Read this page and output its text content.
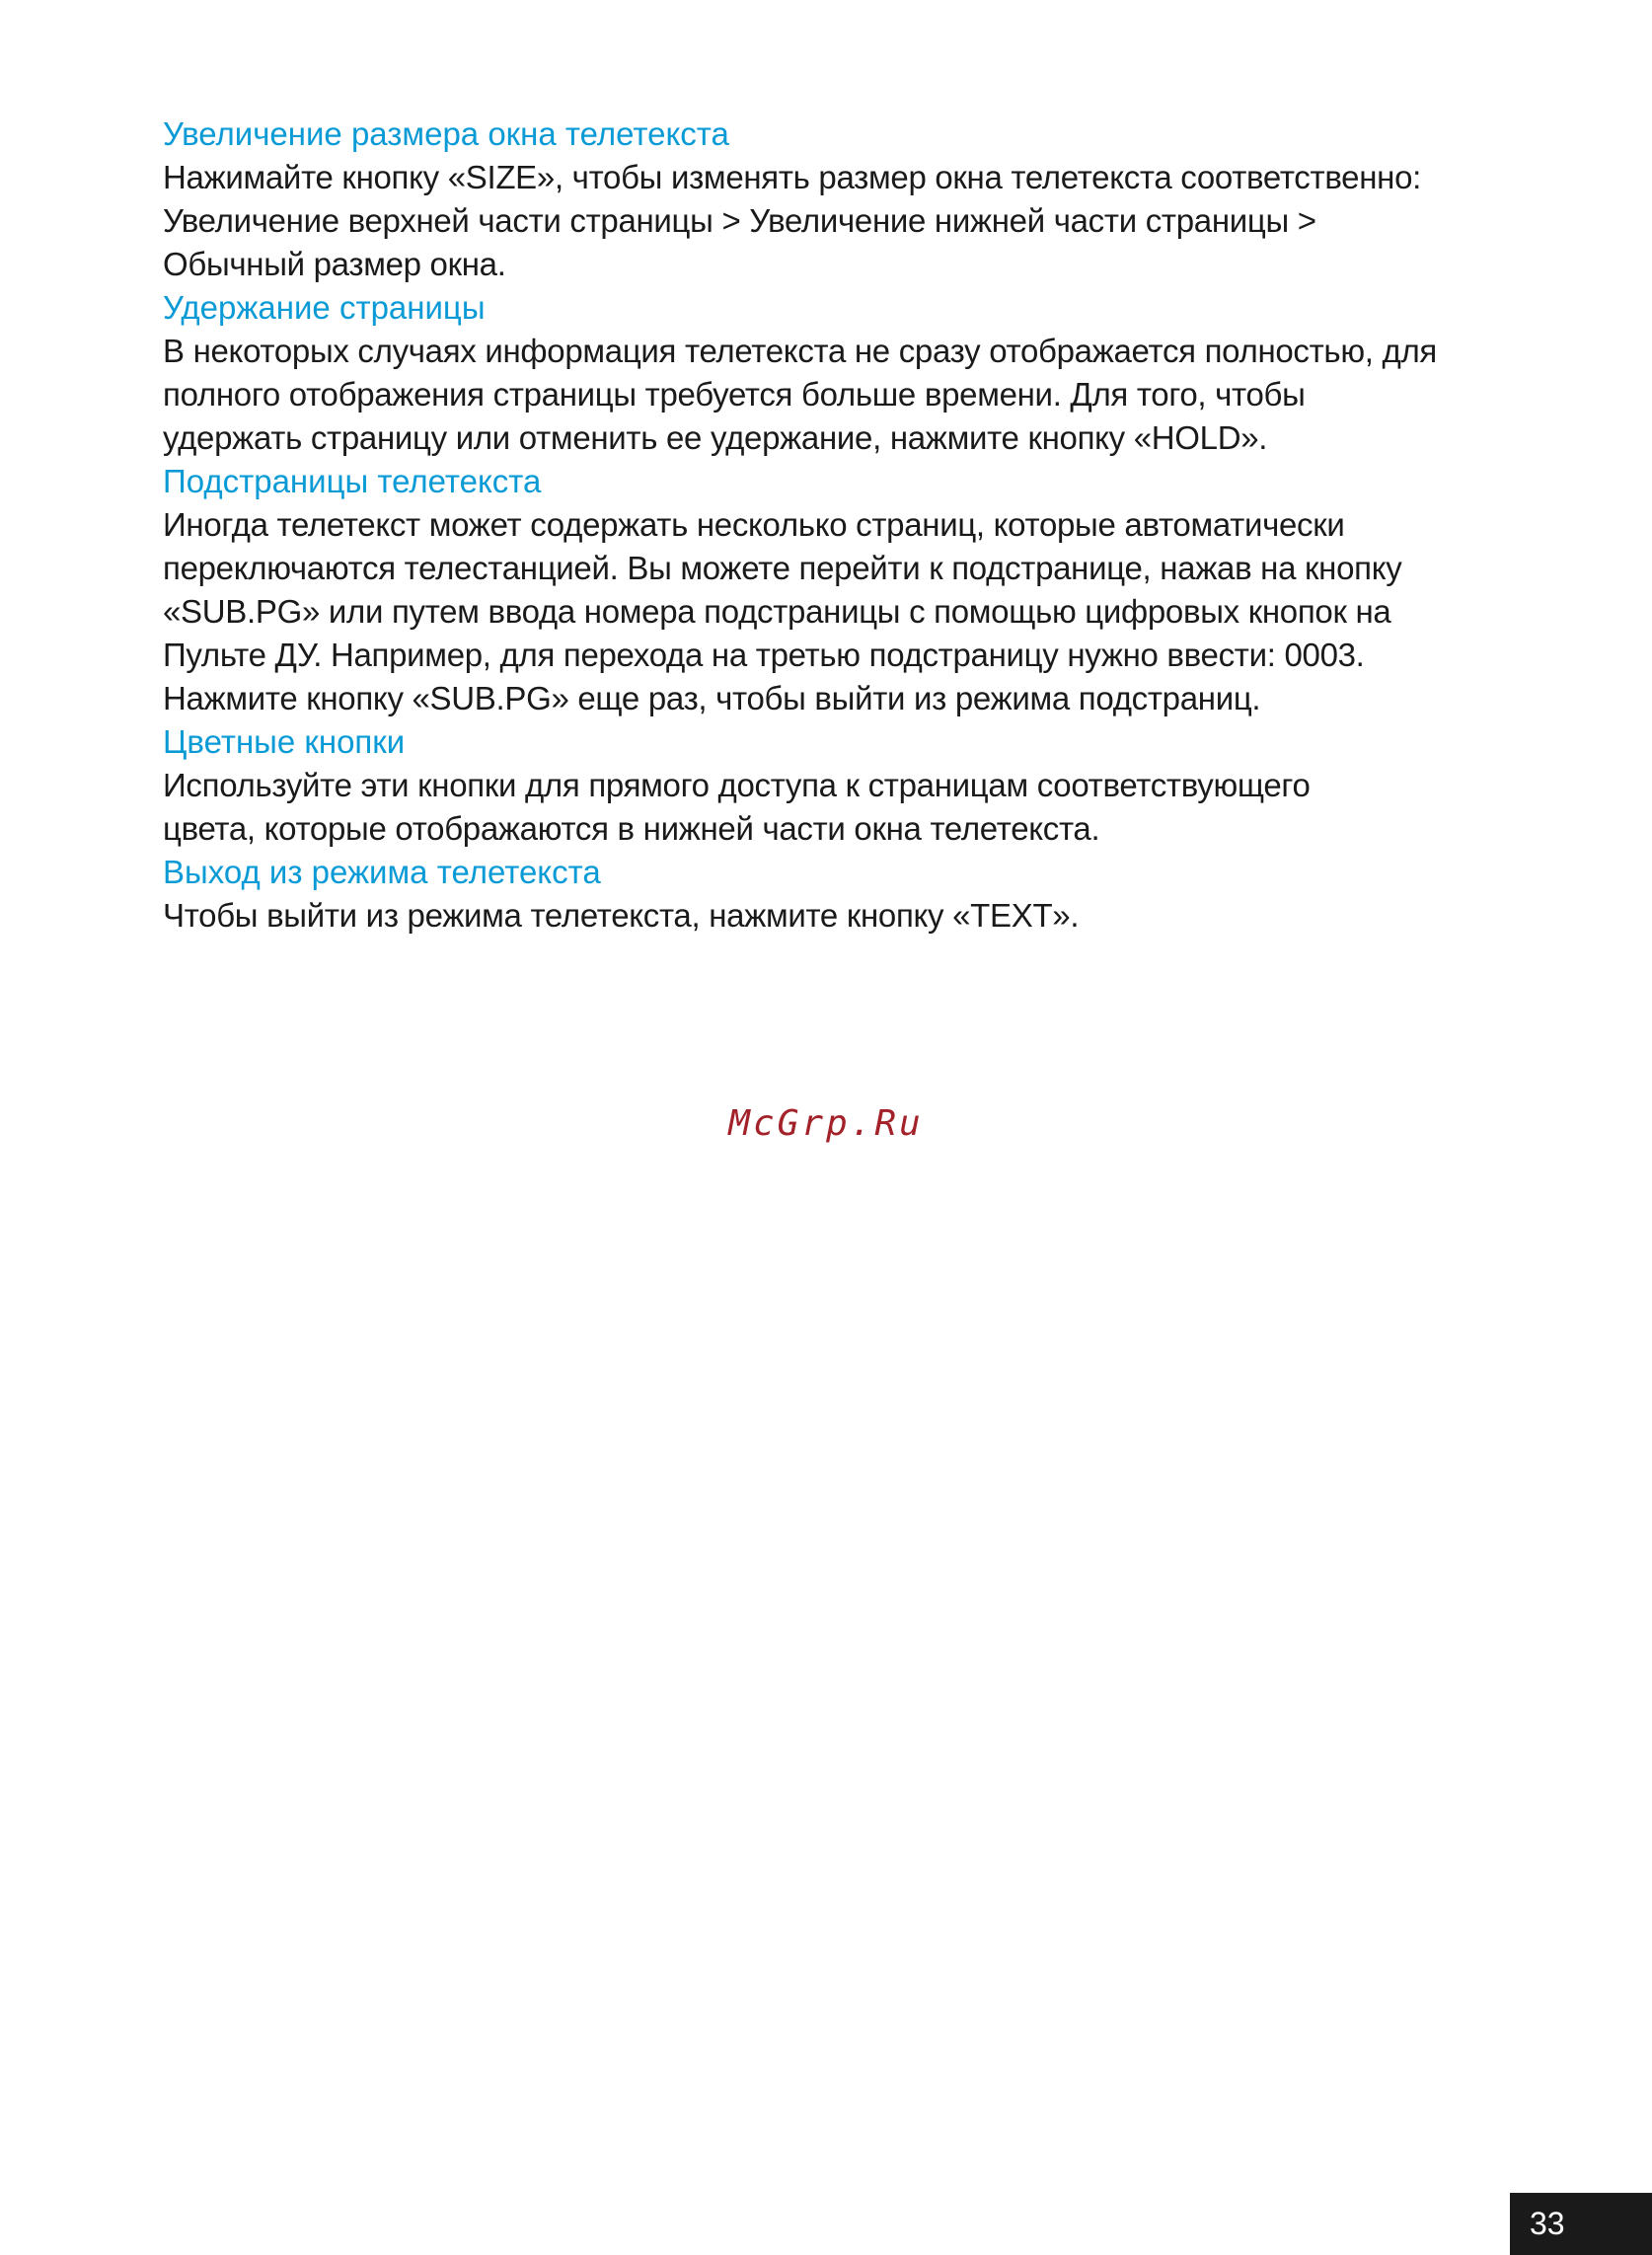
Увеличение размера окна телетекста

Нажимайте кнопку «SIZE», чтобы изменять размер окна телетекста соответственно:
Увеличение верхней части страницы > Увеличение нижней части страницы >
Обычный размер окна.

Удержание страницы

В некоторых случаях информация телетекста не сразу отображается полностью, для
полного отображения страницы требуется больше времени. Для того, чтобы
удержать страницу или отменить ее удержание, нажмите кнопку «HOLD».

Подстраницы телетекста

Иногда телетекст может содержать несколько страниц, которые автоматически
переключаются телестанцией. Вы можете перейти к подстранице, нажав на кнопку
«SUB.PG» или путем ввода номера подстраницы с помощью цифровых кнопок на
Пульте ДУ. Например, для перехода на третью подстраницу нужно ввести: 0003.
Нажмите кнопку «SUB.PG» еще раз, чтобы выйти из режима подстраниц.

Цветные кнопки

Используйте эти кнопки для прямого доступа к страницам соответствующего
цвета, которые отображаются в нижней части окна телетекста.

Выход из режима телетекста

Чтобы выйти из режима телетекста, нажмите кнопку «TEXT».

McGrp.Ru
33
